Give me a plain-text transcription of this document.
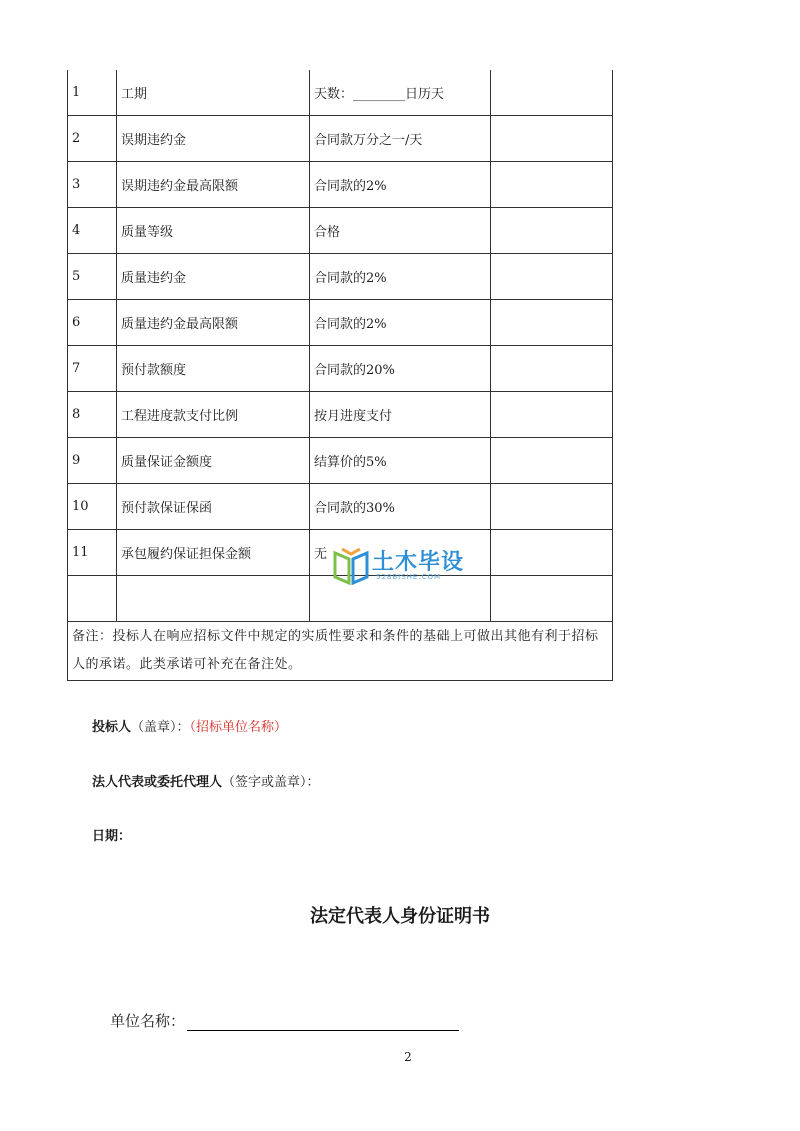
1	工期	天数：________日历天	
2	误期违约金	合同款万分之一/天	
3	误期违约金最高限额	合同款的2%	
4	质量等级	合格	
5	质量违约金	合同款的2%	
6	质量违约金最高限额	合同款的2%	
7	预付款额度	合同款的20%	
8	工程进度款支付比例	按月进度支付	
9	质量保证金额度	结算价的5%	
10	预付款保证保函	合同款的30%	
11	承包履约保证担保金额	无	

备注：投标人在响应招标文件中规定的实质性要求和条件的基础上可做出其他有利于招标人的承诺。此类承诺可补充在备注处。			
土木毕设
528BISHE.COM
投标人（盖章）：（招标单位名称）
法人代表或委托代理人（签字或盖章）：
日期：
法定代表人身份证明书
单位名称：
2
